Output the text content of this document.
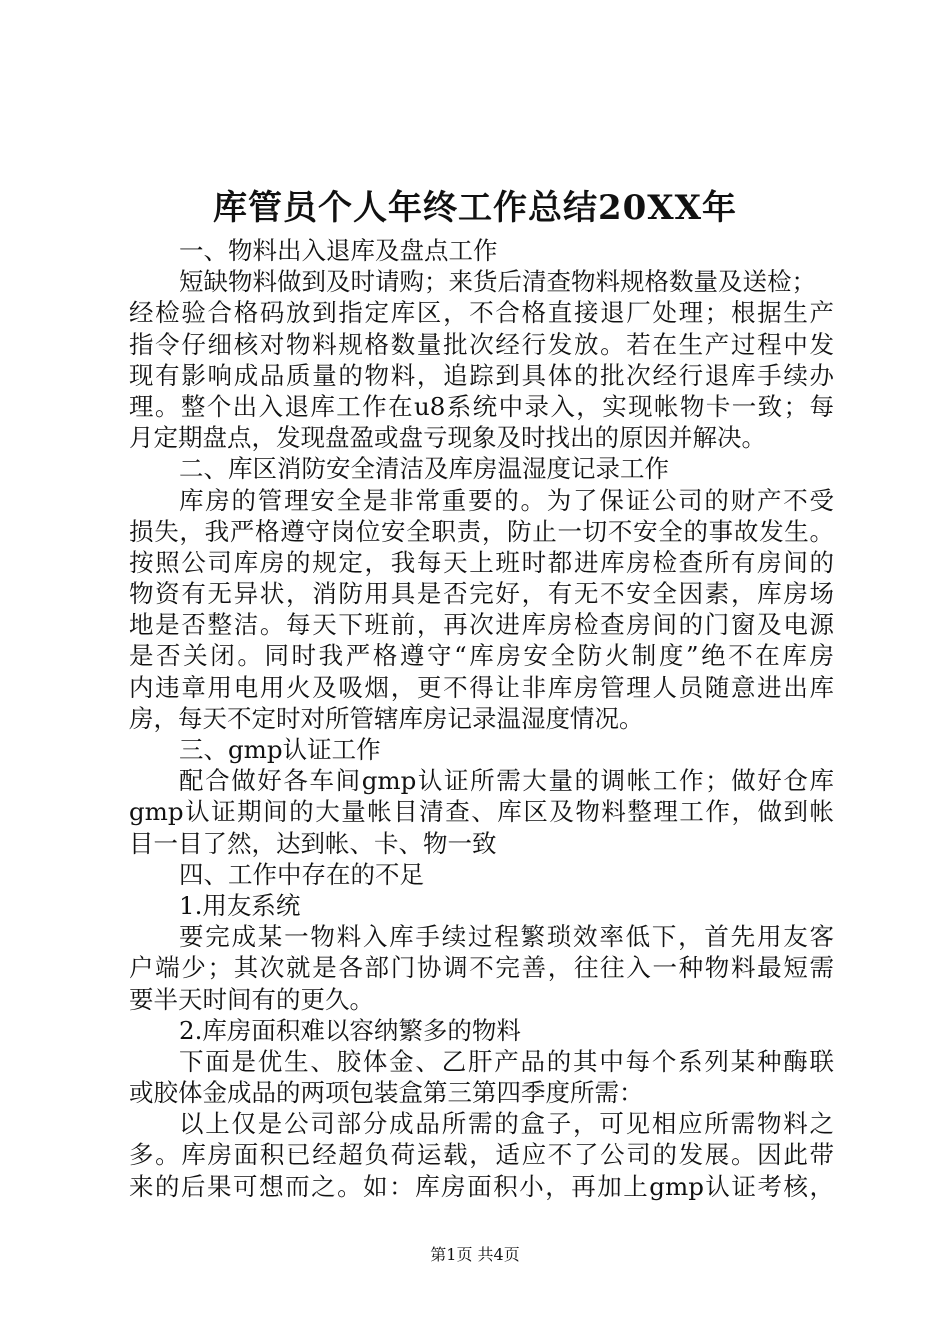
库管员个人年终工作总结20XX年
一、物料出入退库及盘点工作
短缺物料做到及时请购；来货后清查物料规格数量及送检；
经检验合格码放到指定库区，不合格直接退厂处理；根据生产
指令仔细核对物料规格数量批次经行发放。若在生产过程中发
现有影响成品质量的物料，追踪到具体的批次经行退库手续办
理。整个出入退库工作在u8系统中录入，实现帐物卡一致；每
月定期盘点，发现盘盈或盘亏现象及时找出的原因并解决。
二、库区消防安全清洁及库房温湿度记录工作
库房的管理安全是非常重要的。为了保证公司的财产不受
损失，我严格遵守岗位安全职责，防止一切不安全的事故发生。
按照公司库房的规定，我每天上班时都进库房检查所有房间的
物资有无异状，消防用具是否完好，有无不安全因素，库房场
地是否整洁。每天下班前，再次进库房检查房间的门窗及电源
是否关闭。同时我严格遵守“库房安全防火制度”绝不在库房
内违章用电用火及吸烟，更不得让非库房管理人员随意进出库
房，每天不定时对所管辖库房记录温湿度情况。
三、gmp认证工作
配合做好各车间gmp认证所需大量的调帐工作；做好仓库
gmp认证期间的大量帐目清查、库区及物料整理工作，做到帐
目一目了然，达到帐、卡、物一致
四、工作中存在的不足
1.用友系统
要完成某一物料入库手续过程繁琐效率低下，首先用友客
户端少；其次就是各部门协调不完善，往往入一种物料最短需
要半天时间有的更久。
2.库房面积难以容纳繁多的物料
下面是优生、胶体金、乙肝产品的其中每个系列某种酶联
或胶体金成品的两项包装盒第三第四季度所需：
以上仅是公司部分成品所需的盒子，可见相应所需物料之
多。库房面积已经超负荷运载，适应不了公司的发展。因此带
来的后果可想而之。如：库房面积小，再加上gmp认证考核，
第1页 共4页
